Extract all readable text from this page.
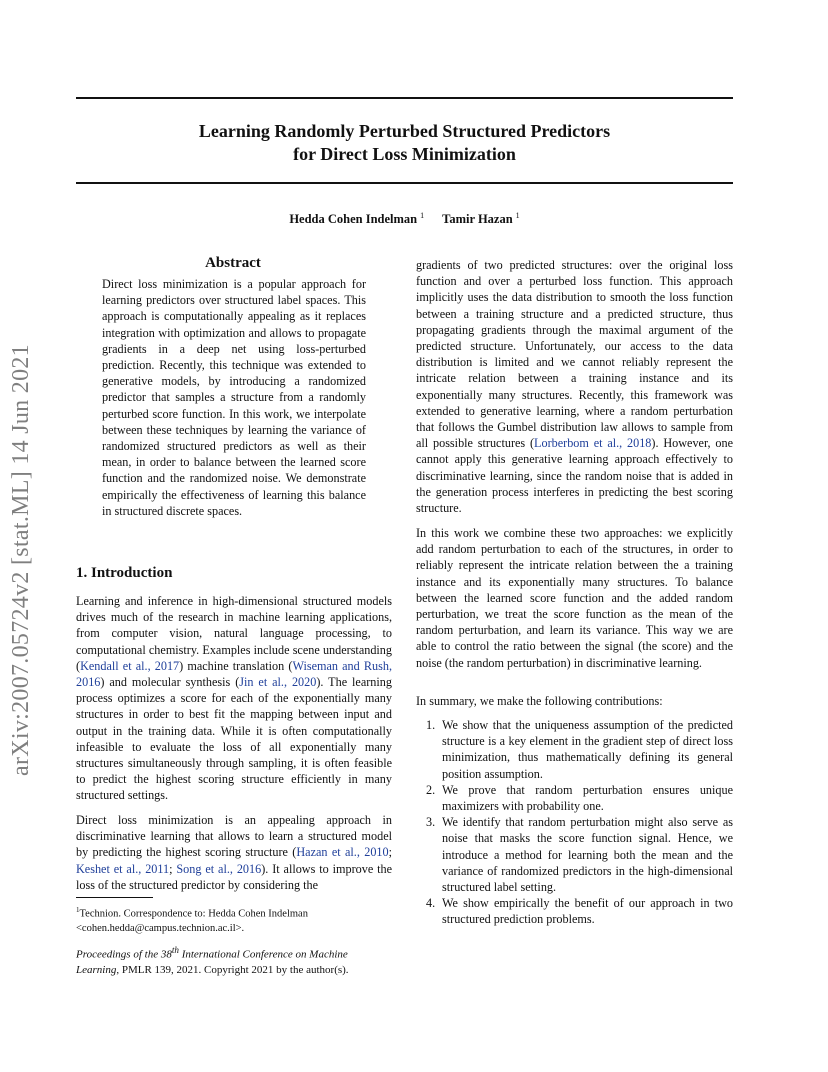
Learning Randomly Perturbed Structured Predictors
for Direct Loss Minimization
Hedda Cohen Indelman $^1$ Tamir Hazan $^1$
arXiv:2007.05724v2 [stat.ML] 14 Jun 2021
Abstract
Direct loss minimization is a popular approach for learning predictors over structured label spaces. This approach is computationally appealing as it replaces integration with optimization and allows to propagate gradients in a deep net using loss-perturbed prediction. Recently, this technique was extended to generative models, by introducing a randomized predictor that samples a structure from a randomly perturbed score function. In this work, we interpolate between these techniques by learning the variance of randomized structured predictors as well as their mean, in order to balance between the learned score function and the randomized noise. We demonstrate empirically the effectiveness of learning this balance in structured discrete spaces.
1. Introduction

Learning and inference in high-dimensional structured models drives much of the research in machine learning applications, from computer vision, natural language processing, to computational chemistry. Examples include scene understanding (Kendall et al., 2017) machine translation (Wiseman and Rush, 2016) and molecular synthesis (Jin et al., 2020). The learning process optimizes a score for each of the exponentially many structures in order to best fit the mapping between input and output in the training data. While it is often computationally infeasible to evaluate the loss of all exponentially many structures simultaneously through sampling, it is often feasible to predict the highest scoring structure efficiently in many structured settings.

Direct loss minimization is an appealing approach in discriminative learning that allows to learn a structured model by predicting the highest scoring structure (Hazan et al., 2010; Keshet et al., 2011; Song et al., 2016). It allows to improve the loss of the structured predictor by considering the

$^1$Technion. Correspondence to: Hedda Cohen Indelman <cohen.hedda@campus.technion.ac.il>.
Proceedings of the 38th International Conference on Machine Learning, PMLR 139, 2021. Copyright 2021 by the author(s).

gradients of two predicted structures: over the original loss function and over a perturbed loss function. This approach implicitly uses the data distribution to smooth the loss function between a training structure and a predicted structure, thus propagating gradients through the maximal argument of the predicted structure. Unfortunately, our access to the data distribution is limited and we cannot reliably represent the intricate relation between a training instance and its exponentially many structures. Recently, this framework was extended to generative learning, where a random perturbation that follows the Gumbel distribution law allows to sample from all possible structures (Lorberbom et al., 2018). However, one cannot apply this generative learning approach effectively to discriminative learning, since the random noise that is added in the generation process interferes in predicting the best scoring structure.

In this work we combine these two approaches: we explicitly add random perturbation to each of the structures, in order to reliably represent the intricate relation between the a training instance and its exponentially many structures. To balance between the learned score function and the added random perturbation, we treat the score function as the mean of the random perturbation, and learn its variance. This way we are able to control the ratio between the signal (the score) and the noise (the random perturbation) in discriminative learning.
In summary, we make the following contributions:
1. We show that the uniqueness assumption of the predicted structure is a key element in the gradient step of direct loss minimization, thus mathematically defining its general position assumption.
2. We prove that random perturbation ensures unique maximizers with probability one.
3. We identify that random perturbation might also serve as noise that masks the score function signal. Hence, we introduce a method for learning both the mean and the variance of randomized predictors in the high-dimensional structured label setting.
4. We show empirically the benefit of our approach in two structured prediction problems.
